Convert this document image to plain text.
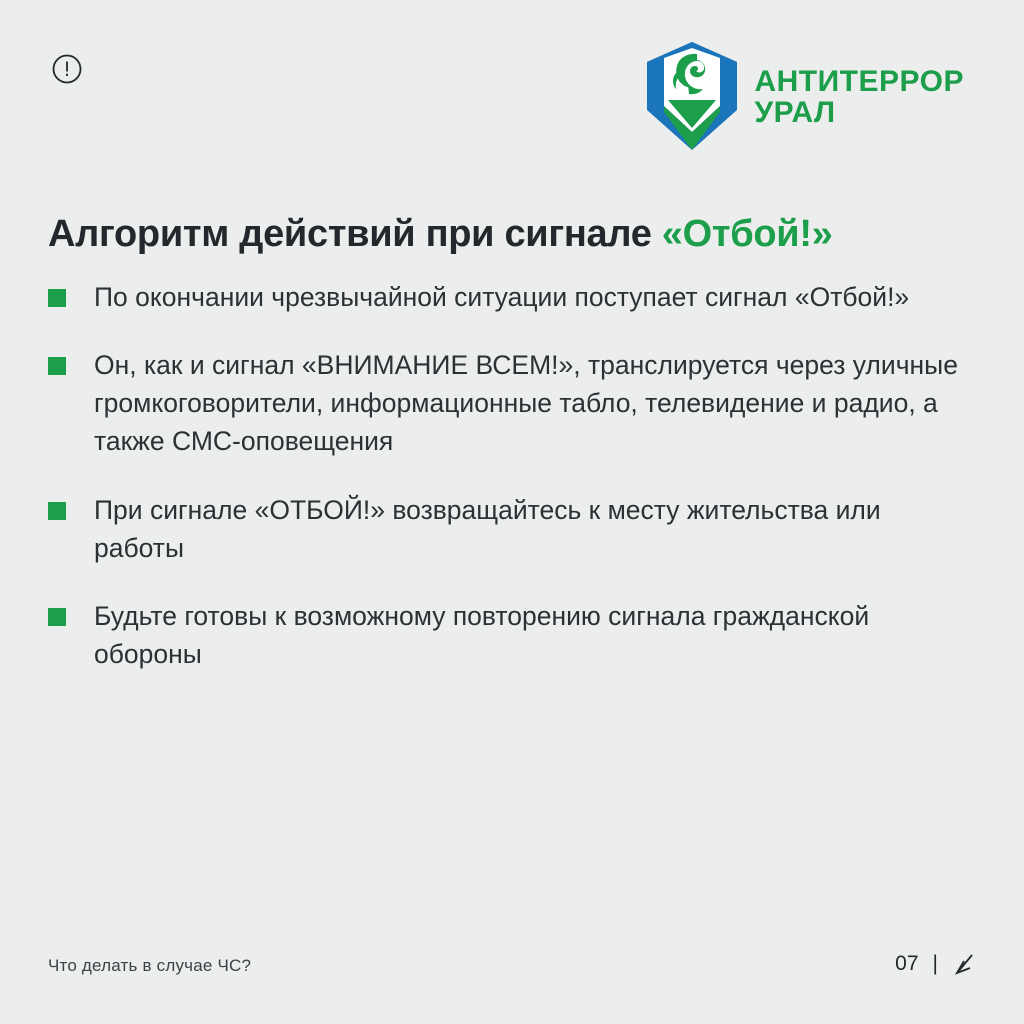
АНТИТЕРРОР
УРАЛ
Алгоритм действий при сигнале «Отбой!»
По окончании чрезвычайной ситуации поступает сигнал «Отбой!»
Он, как и сигнал «ВНИМАНИЕ ВСЕМ!», транслируется через уличные громкоговорители, информационные табло, телевидение и радио, а также СМС-оповещения
При сигнале «ОТБОЙ!» возвращайтесь к месту жительства или работы
Будьте готовы к возможному повторению сигнала гражданской обороны
Что делать в случае ЧС?	07 |
